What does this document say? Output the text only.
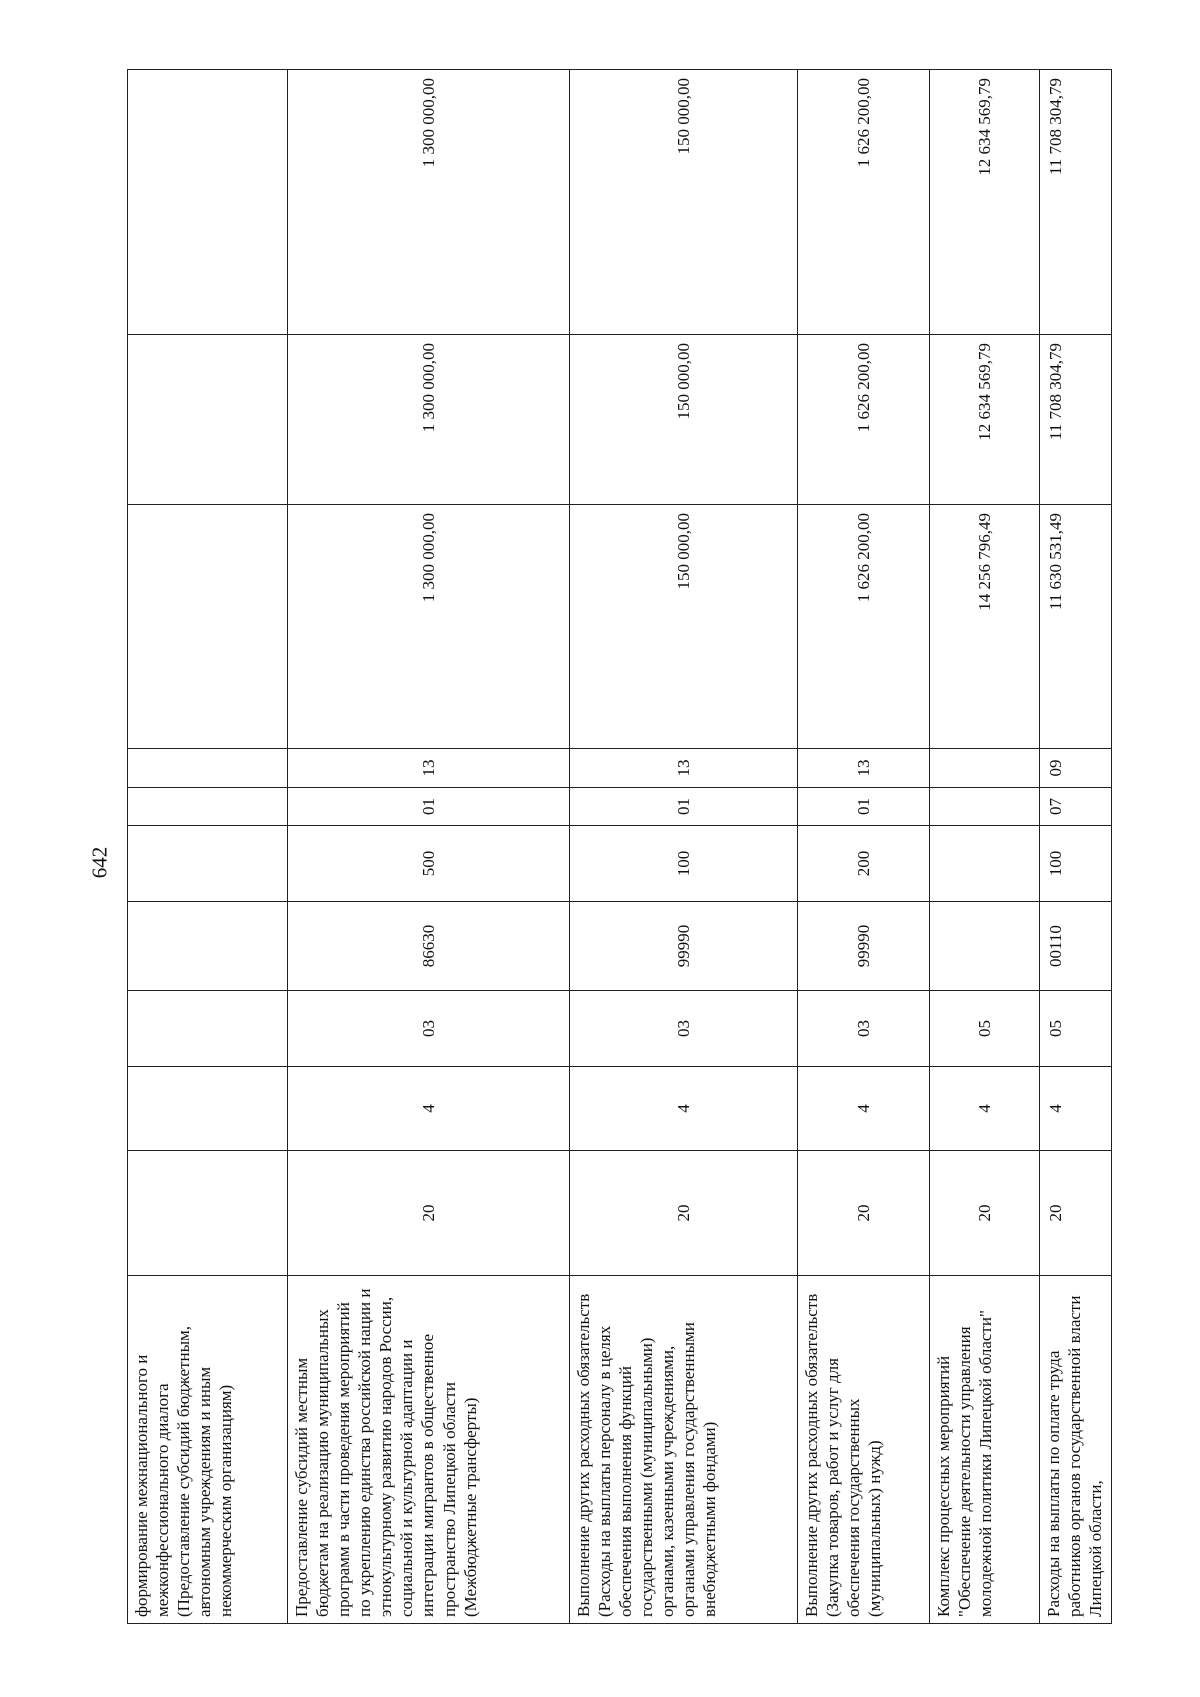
642
формирование межнационального и межконфессионального диалога (Предоставление субсидий бюджетным, автономным учреждениям и иным некоммерческим организациям)										
Предоставление субсидий местным бюджетам на реализацию муниципальных программ в части проведения мероприятий по укреплению единства российской нации и этнокультурному развитию народов России, социальной и культурной адаптации и интеграции мигрантов в общественное пространство Липецкой области (Межбюджетные трансферты)	20	4	03	86630	500	01	13	1 300 000,00	1 300 000,00	1 300 000,00
Выполнение других расходных обязательств (Расходы на выплаты персоналу в целях обеспечения выполнения функций государственными (муниципальными) органами, казенными учреждениями, органами управления государственными внебюджетными фондами)	20	4	03	99990	100	01	13	150 000,00	150 000,00	150 000,00
Выполнение других расходных обязательств (Закупка товаров, работ и услуг для обеспечения государственных (муниципальных) нужд)	20	4	03	99990	200	01	13	1 626 200,00	1 626 200,00	1 626 200,00
Комплекс процессных мероприятий "Обеспечение деятельности управления молодежной политики Липецкой области"	20	4	05					14 256 796,49	12 634 569,79	12 634 569,79
Расходы на выплаты по оплате труда работников органов государственной власти Липецкой области,	20	4	05	00110	100	07	09	11 630 531,49	11 708 304,79	11 708 304,79
